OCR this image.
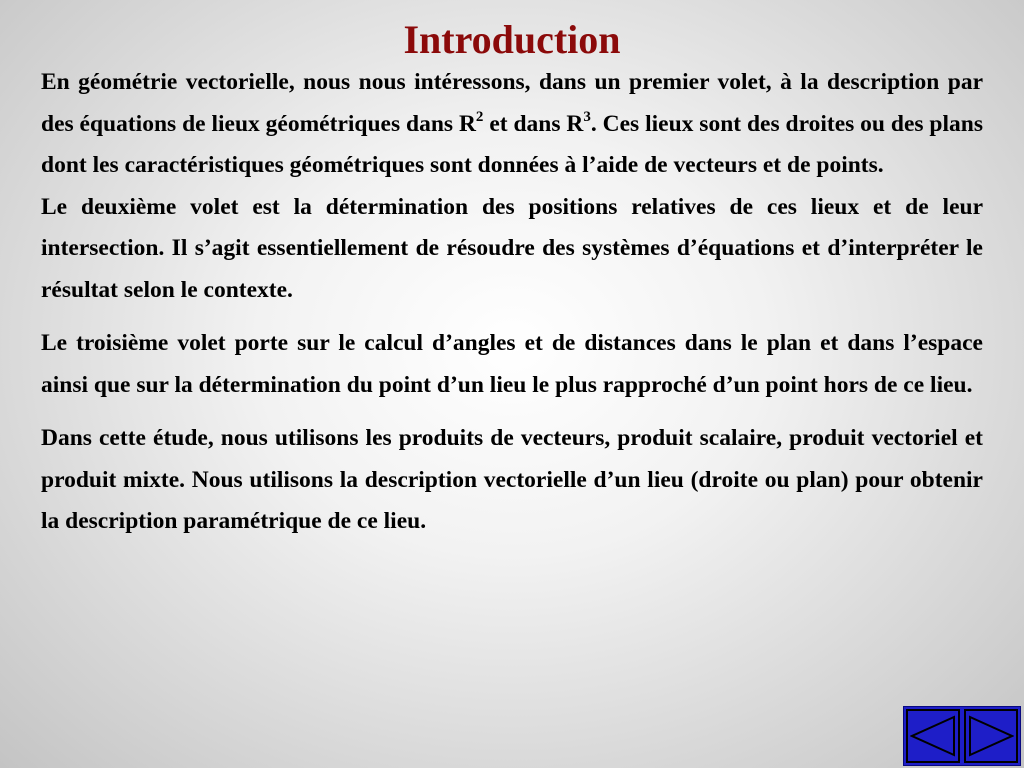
Introduction

En géométrie vectorielle, nous nous intéressons, dans un premier volet, à la description par des équations de lieux géométriques dans $R^2$ et dans $R^3$. Ces lieux sont des droites ou des plans dont les caractéristiques géométriques sont données à l’aide de vecteurs et de points.

Le deuxième volet est la détermination des positions relatives de ces lieux et de leur intersection. Il s’agit essentiellement de résoudre des systèmes d’équations et d’interpréter le résultat selon le contexte.

Le troisième volet porte sur le calcul d’angles et de distances dans le plan et dans l’espace ainsi que sur la détermination du point d’un lieu le plus rapproché d’un point hors de ce lieu.

Dans cette étude, nous utilisons les produits de vecteurs, produit scalaire, produit vectoriel et produit mixte. Nous utilisons la description vectorielle d’un lieu (droite ou plan) pour obtenir la description paramétrique de ce lieu.
